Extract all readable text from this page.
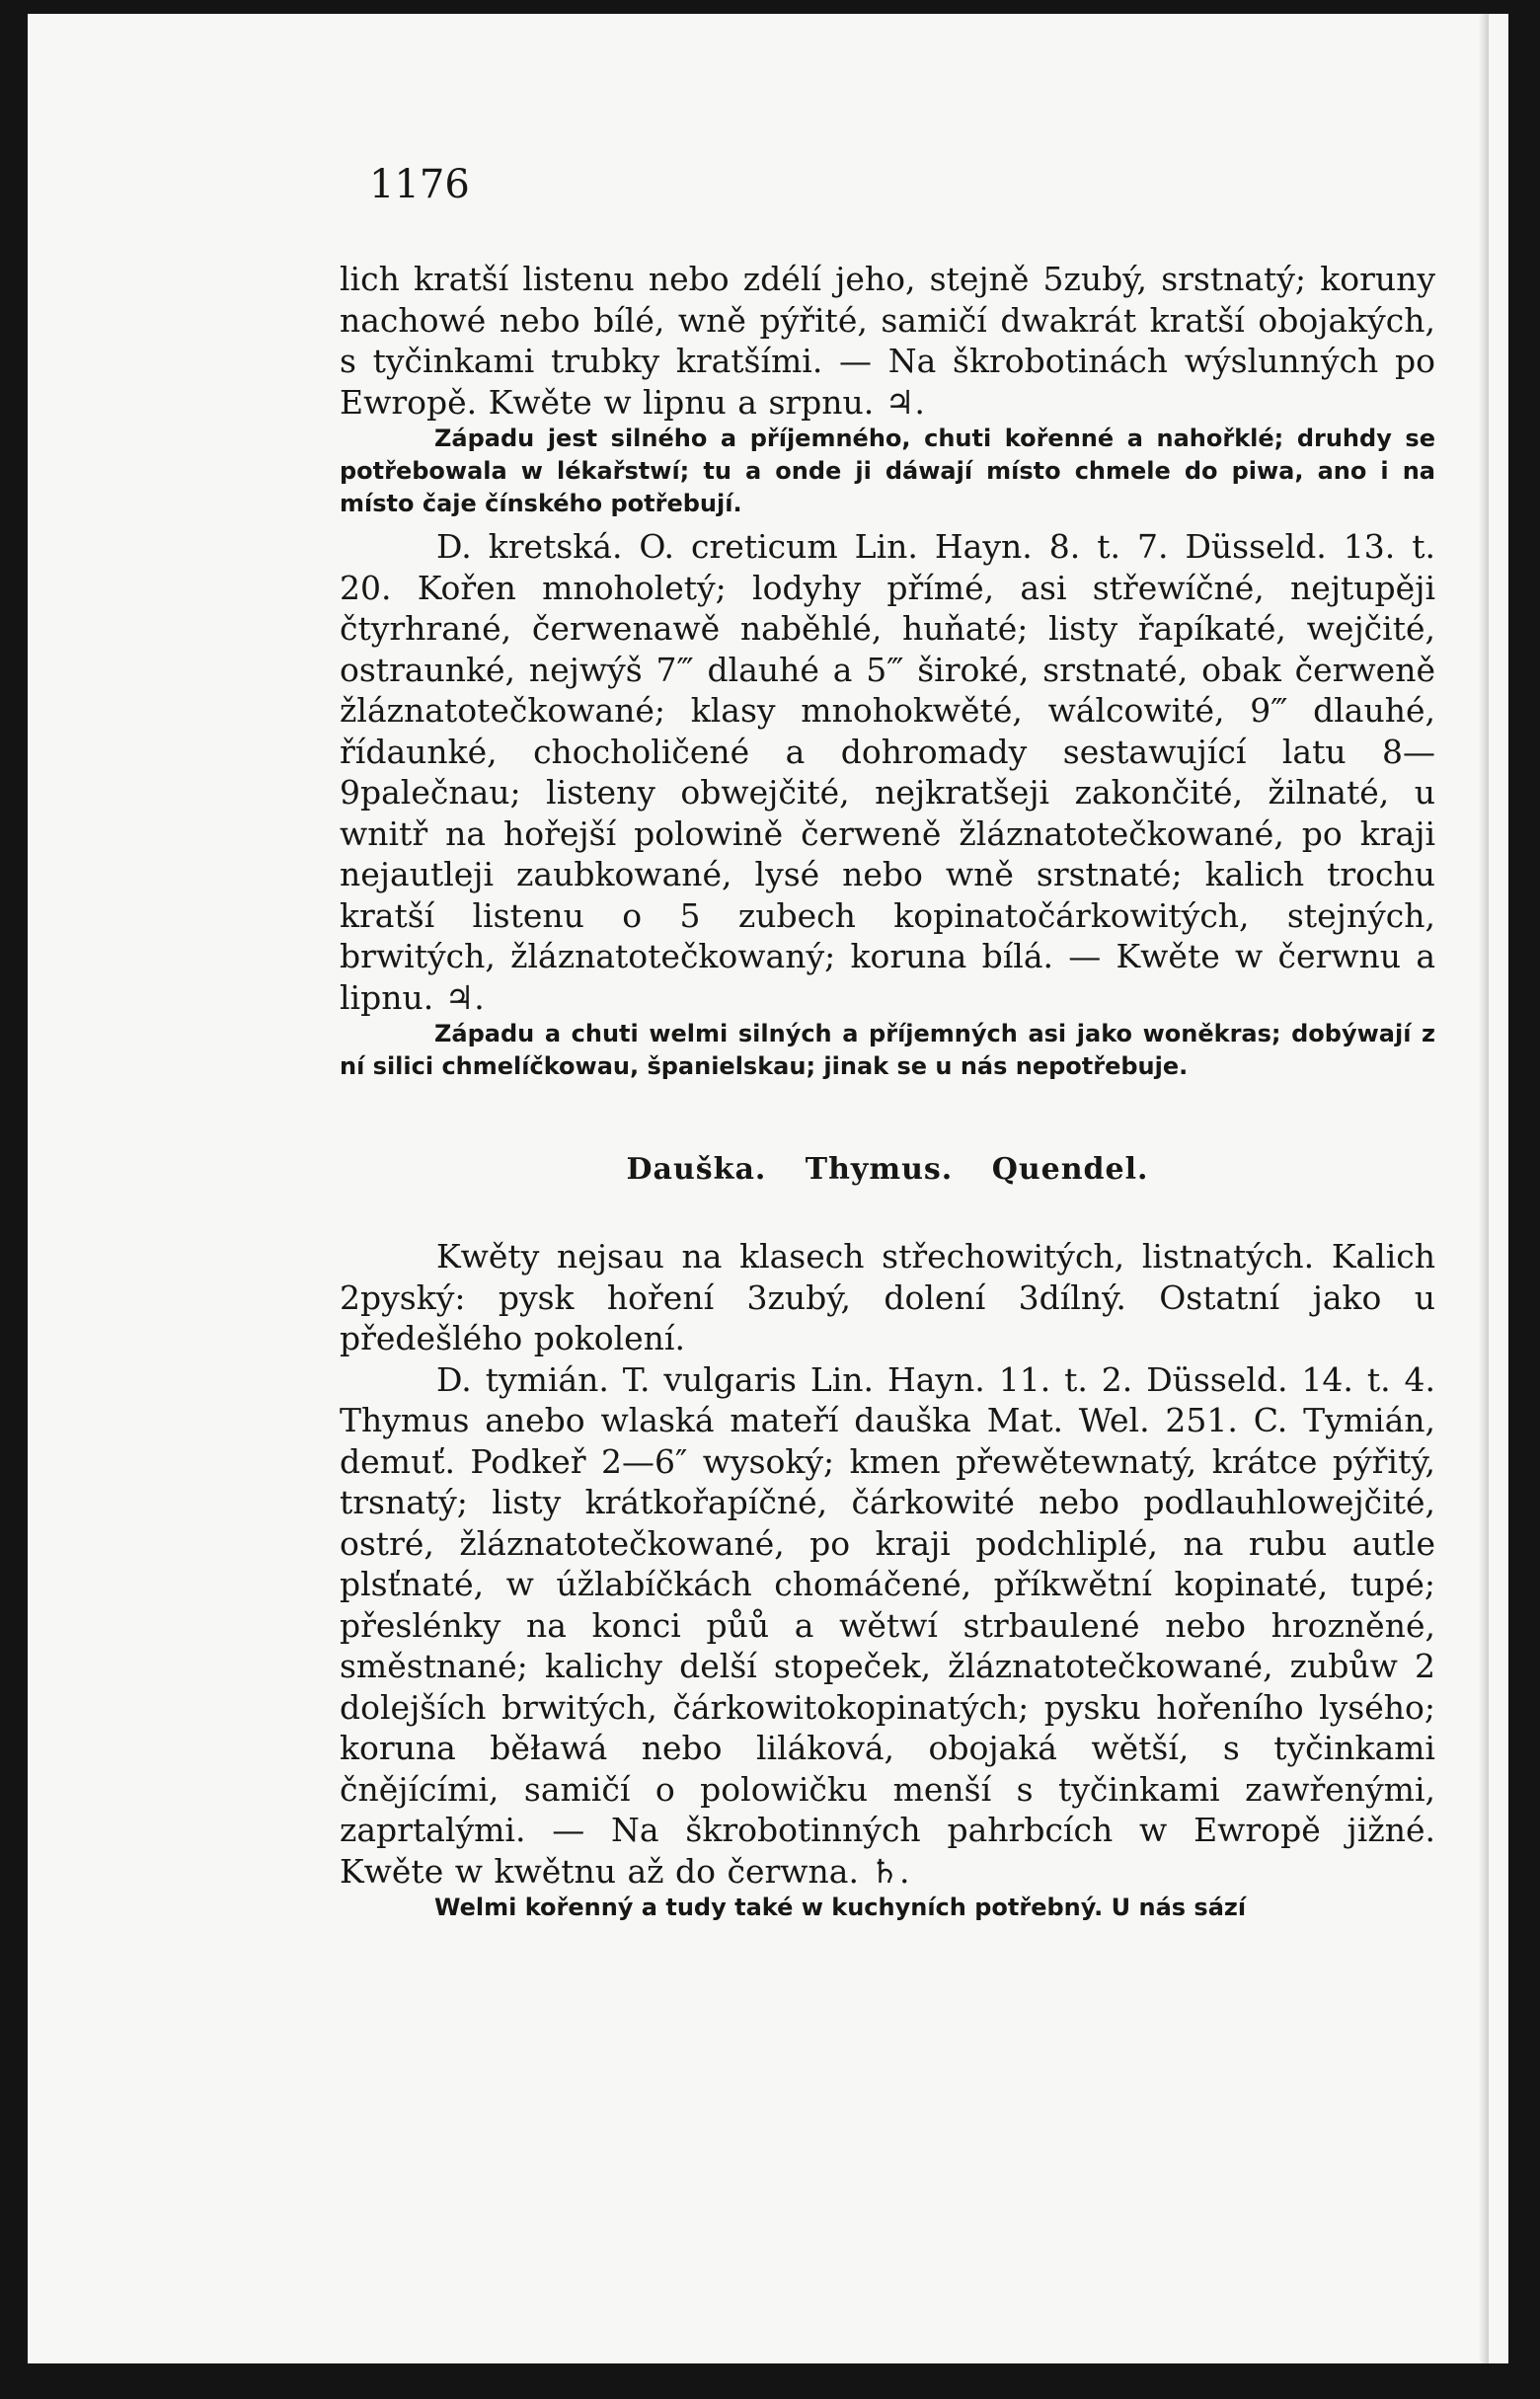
1176

lich kratší listenu nebo zdélí jeho, stejně 5zubý, srstnatý; koruny nachowé nebo bílé, wně pýřité, samičí dwakrát kratší obojakých, s tyčinkami trubky kratšími. — Na škrobotinách wýslunných po Ewropě. Kwěte w lipnu a srpnu. ♃.

Západu jest silného a příjemného, chuti kořenné a nahořklé; druhdy se potřebowala w lékařstwí; tu a onde ji dáwají místo chmele do piwa, ano i na místo čaje čínského potřebují.

D. kretská. O. creticum Lin. Hayn. 8. t. 7. Düsseld. 13. t. 20. Kořen mnoholetý; lodyhy přímé, asi střewíčné, nejtupěji čtyrhrané, čerwenawě naběhlé, huňaté; listy řapíkaté, wejčité, ostraunké, nejwýš 7‴ dlauhé a 5‴ široké, srstnaté, obak čerweně žláznatotečkowané; klasy mnohokwěté, wálcowité, 9‴ dlauhé, řídaunké, chocholičené a dohromady sestawující latu 8—9palečnau; listeny obwejčité, nejkratšeji zakončité, žilnaté, u wnitř na hořejší polowině čerweně žláznatotečkowané, po kraji nejautleji zaubkowané, lysé nebo wně srstnaté; kalich trochu kratší listenu o 5 zubech kopinatočárkowitých, stejných, brwitých, žláznatotečkowaný; koruna bílá. — Kwěte w čerwnu a lipnu. ♃.

Západu a chuti welmi silných a příjemných asi jako woněkras; dobýwají z ní silici chmelíčkowau, španielskau; jinak se u nás nepotřebuje.

Dauška. Thymus. Quendel.

Kwěty nejsau na klasech střechowitých, listnatých. Kalich 2pyský: pysk hoření 3zubý, dolení 3dílný. Ostatní jako u předešlého pokolení.

D. tymián. T. vulgaris Lin. Hayn. 11. t. 2. Düsseld. 14. t. 4. Thymus anebo wlaská mateří dauška Mat. Wel. 251. C. Tymián, demuť. Podkeř 2—6″ wysoký; kmen přewětewnatý, krátce pýřitý, trsnatý; listy krátkořapíčné, čárkowité nebo podlauhlowejčité, ostré, žláznatotečkowané, po kraji podchliplé, na rubu autle plsťnaté, w úžlabíčkách chomáčené, příkwětní kopinaté, tupé; přeslénky na konci půů a wětwí strbaulené nebo hrozněné, směstnané; kalichy delší stopeček, žláznatotečkowané, zubůw 2 dolejších brwitých, čárkowitokopinatých; pysku hořeního lysého; koruna běławá nebo liláková, obojaká wětší, s tyčinkami čnějícími, samičí o polowičku menší s tyčinkami zawřenými, zaprtalými. — Na škrobotinných pahrbcích w Ewropě jižné. Kwěte w kwětnu až do čerwna. ♄.

Welmi kořenný a tudy také w kuchyních potřebný. U nás sází
